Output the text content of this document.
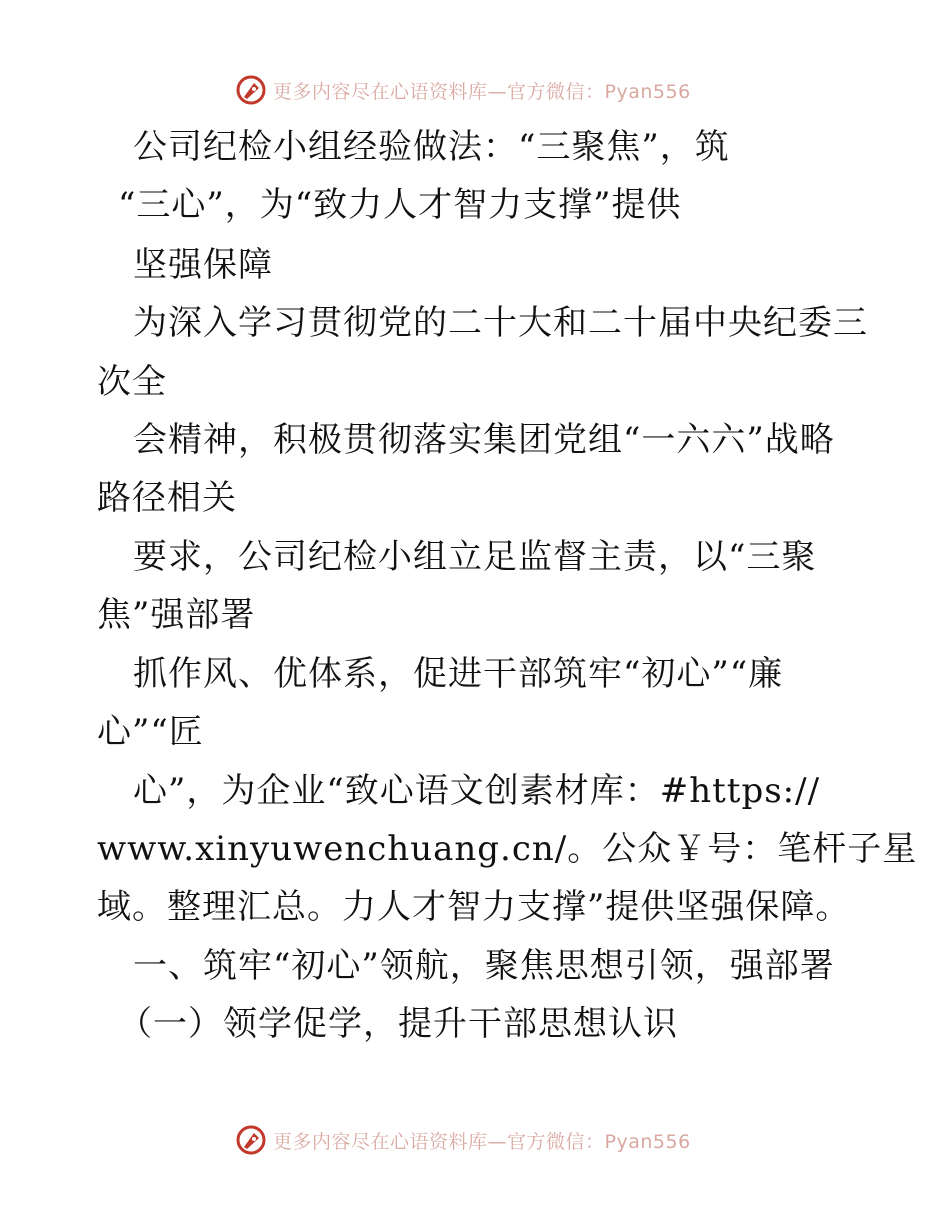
更多内容尽在心语资料库—官方微信：Pyan556

公司纪检小组经验做法：“三聚焦”，筑

“三心”，为“致力人才智力支撑”提供

坚强保障

为深入学习贯彻党的二十大和二十届中央纪委三

次全

会精神，积极贯彻落实集团党组“一六六”战略

路径相关

要求，公司纪检小组立足监督主责，以“三聚

焦”强部署

抓作风、优体系，促进干部筑牢“初心”“廉

心”“匠

心”，为企业“致心语文创素材库：#https://

www.xinyuwenchuang.cn/。公众￥号：笔杆子星

域。整理汇总。力人才智力支撑”提供坚强保障。

一、筑牢“初心”领航，聚焦思想引领，强部署

（一）领学促学，提升干部思想认识

更多内容尽在心语资料库—官方微信：Pyan556
